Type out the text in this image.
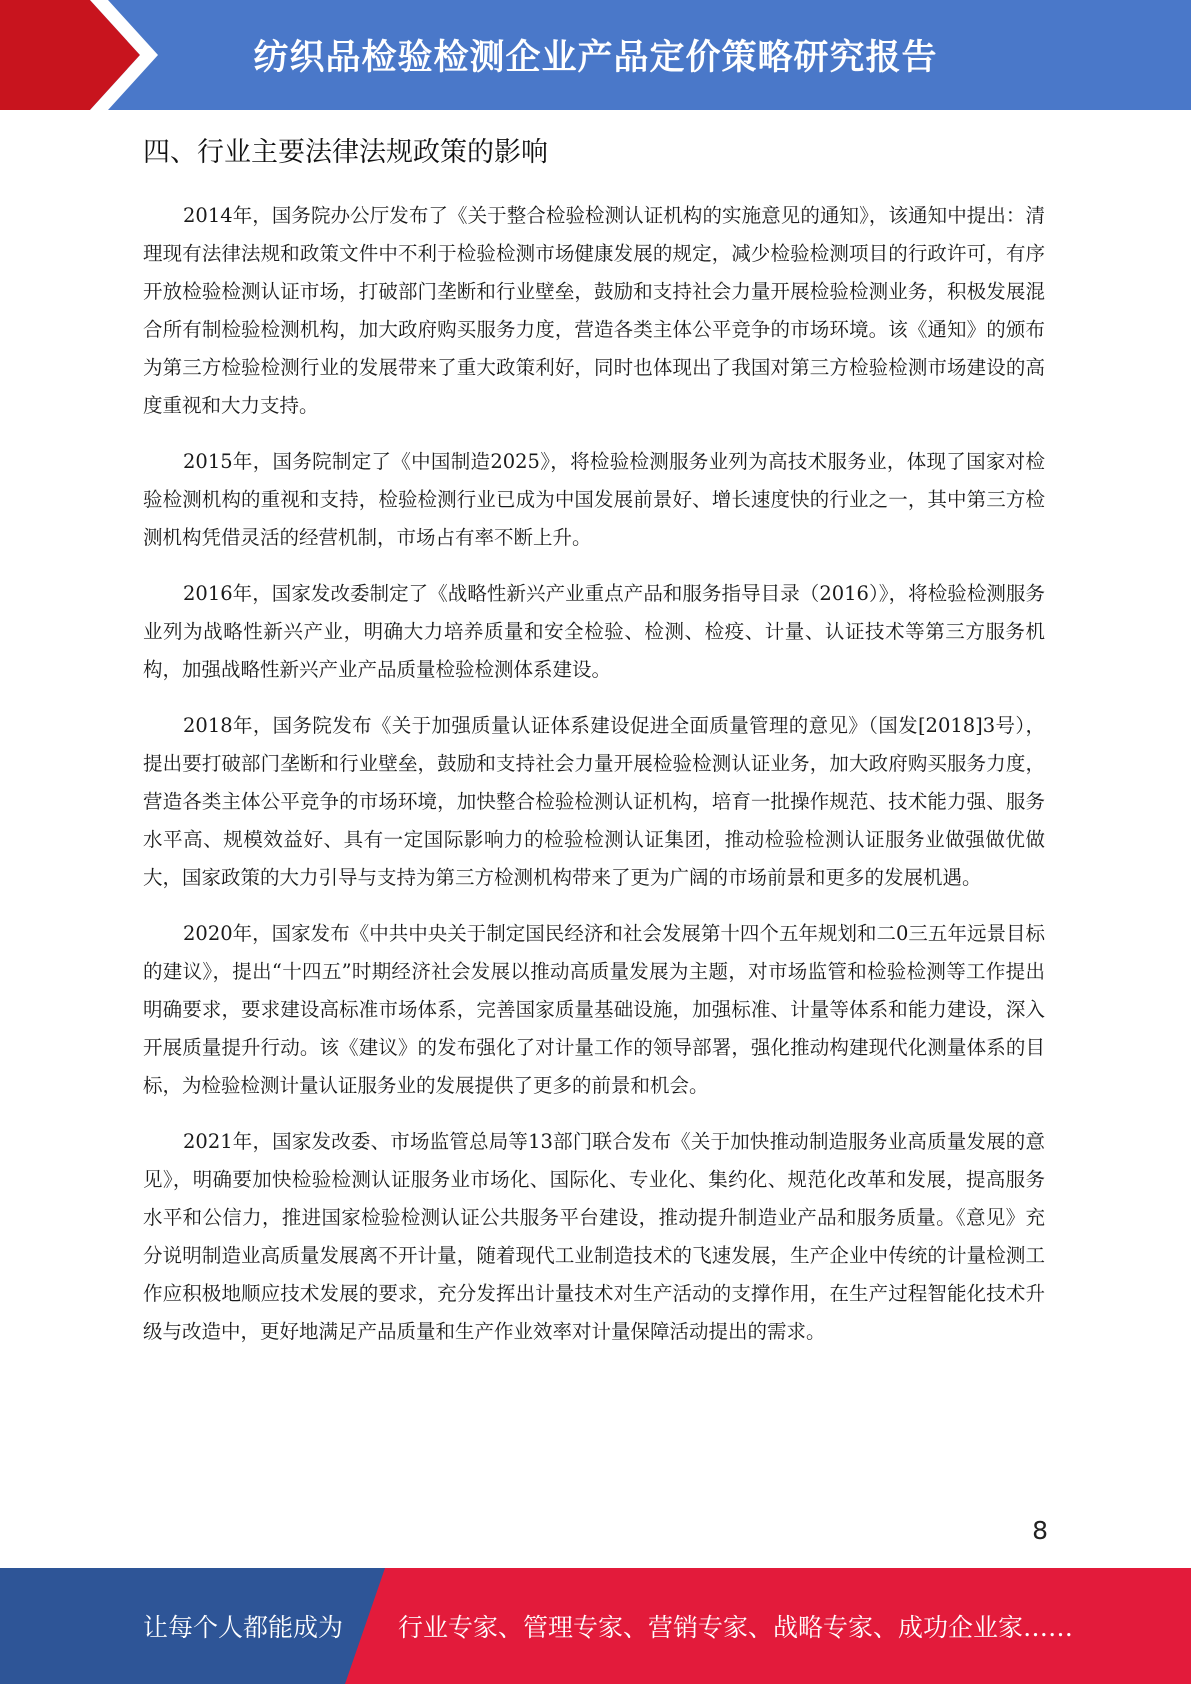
纺织品检验检测企业产品定价策略研究报告
四、行业主要法律法规政策的影响

2014年，国务院办公厅发布了《关于整合检验检测认证机构的实施意见的通知》，该通知中提出：清理现有法律法规和政策文件中不利于检验检测市场健康发展的规定，减少检验检测项目的行政许可，有序开放检验检测认证市场，打破部门垄断和行业壁垒，鼓励和支持社会力量开展检验检测业务，积极发展混合所有制检验检测机构，加大政府购买服务力度，营造各类主体公平竞争的市场环境。该《通知》的颁布为第三方检验检测行业的发展带来了重大政策利好，同时也体现出了我国对第三方检验检测市场建设的高度重视和大力支持。

2015年，国务院制定了《中国制造2025》，将检验检测服务业列为高技术服务业，体现了国家对检验检测机构的重视和支持，检验检测行业已成为中国发展前景好、增长速度快的行业之一，其中第三方检测机构凭借灵活的经营机制，市场占有率不断上升。

2016年，国家发改委制定了《战略性新兴产业重点产品和服务指导目录（2016）》，将检验检测服务业列为战略性新兴产业，明确大力培养质量和安全检验、检测、检疫、计量、认证技术等第三方服务机构，加强战略性新兴产业产品质量检验检测体系建设。

2018年，国务院发布《关于加强质量认证体系建设促进全面质量管理的意见》（国发[2018]3号），提出要打破部门垄断和行业壁垒，鼓励和支持社会力量开展检验检测认证业务，加大政府购买服务力度，营造各类主体公平竞争的市场环境，加快整合检验检测认证机构，培育一批操作规范、技术能力强、服务水平高、规模效益好、具有一定国际影响力的检验检测认证集团，推动检验检测认证服务业做强做优做大，国家政策的大力引导与支持为第三方检测机构带来了更为广阔的市场前景和更多的发展机遇。

2020年，国家发布《中共中央关于制定国民经济和社会发展第十四个五年规划和二0三五年远景目标的建议》，提出“十四五”时期经济社会发展以推动高质量发展为主题，对市场监管和检验检测等工作提出明确要求，要求建设高标准市场体系，完善国家质量基础设施，加强标准、计量等体系和能力建设，深入开展质量提升行动。该《建议》的发布强化了对计量工作的领导部署，强化推动构建现代化测量体系的目标，为检验检测计量认证服务业的发展提供了更多的前景和机会。

2021年，国家发改委、市场监管总局等13部门联合发布《关于加快推动制造服务业高质量发展的意见》，明确要加快检验检测认证服务业市场化、国际化、专业化、集约化、规范化改革和发展，提高服务水平和公信力，推进国家检验检测认证公共服务平台建设，推动提升制造业产品和服务质量。《意见》充分说明制造业高质量发展离不开计量，随着现代工业制造技术的飞速发展，生产企业中传统的计量检测工作应积极地顺应技术发展的要求，充分发挥出计量技术对生产活动的支撑作用，在生产过程智能化技术升级与改造中，更好地满足产品质量和生产作业效率对计量保障活动提出的需求。

8
让每个人都能成为 行业专家、管理专家、营销专家、战略专家、成功企业家……
